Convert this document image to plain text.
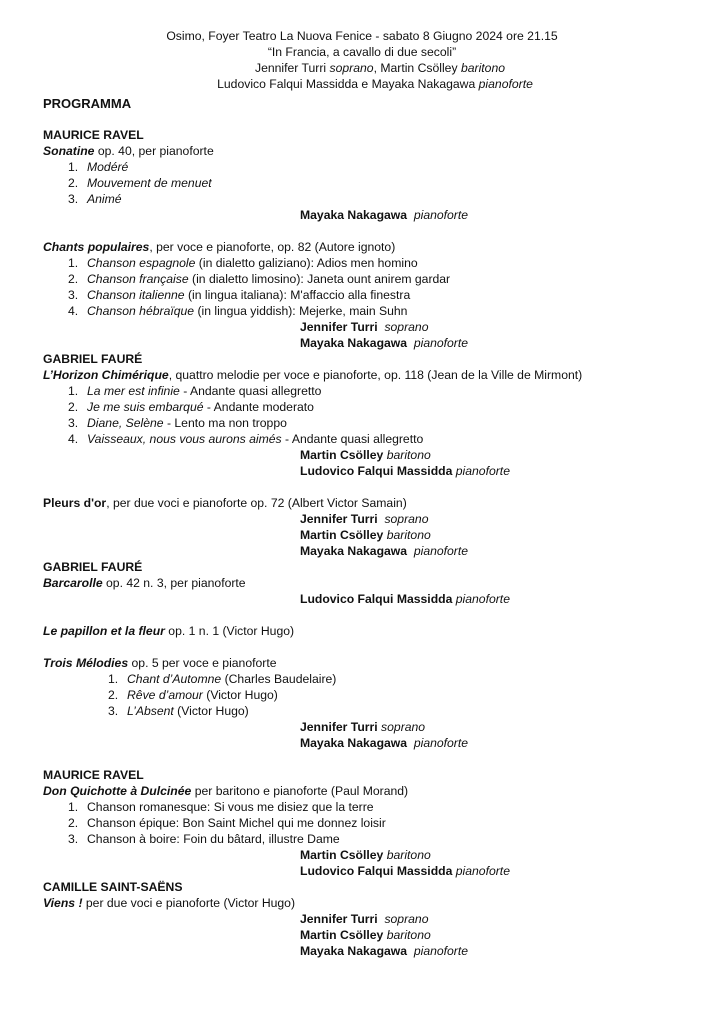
Osimo, Foyer Teatro La Nuova Fenice - sabato 8 Giugno 2024 ore 21.15
“In Francia, a cavallo di due secoli”
Jennifer Turri soprano, Martin Csölley baritono
Ludovico Falqui Massidda e Mayaka Nakagawa pianoforte
PROGRAMMA
MAURICE RAVEL
Sonatine op. 40, per pianoforte
1. Modéré
2. Mouvement de menuet
3. Animé
Mayaka Nakagawa pianoforte
Chants populaires, per voce e pianoforte, op. 82 (Autore ignoto)
1. Chanson espagnole (in dialetto galiziano): Adios men homino
2. Chanson française (in dialetto limosino): Janeta ount anirem gardar
3. Chanson italienne (in lingua italiana): M'affaccio alla finestra
4. Chanson hébraïque (in lingua yiddish): Mejerke, main Suhn
Jennifer Turri soprano
Mayaka Nakagawa pianoforte
GABRIEL FAURÉ
L’Horizon Chimérique, quattro melodie per voce e pianoforte, op. 118 (Jean de la Ville de Mirmont)
1. La mer est infinie - Andante quasi allegretto
2. Je me suis embarqué - Andante moderato
3. Diane, Selène - Lento ma non troppo
4. Vaisseaux, nous vous aurons aimés - Andante quasi allegretto
Martin Csölley baritono
Ludovico Falqui Massidda pianoforte
Pleurs d'or, per due voci e pianoforte op. 72 (Albert Victor Samain)
Jennifer Turri soprano
Martin Csölley baritono
Mayaka Nakagawa pianoforte
GABRIEL FAURÉ
Barcarolle op. 42 n. 3, per pianoforte
Ludovico Falqui Massidda pianoforte
Le papillon et la fleur op. 1 n. 1 (Victor Hugo)
Trois Mélodies op. 5 per voce e pianoforte
1. Chant d’Automne (Charles Baudelaire)
2. Rêve d’amour (Victor Hugo)
3. L’Absent (Victor Hugo)
Jennifer Turri soprano
Mayaka Nakagawa pianoforte
MAURICE RAVEL
Don Quichotte à Dulcinée per baritono e pianoforte (Paul Morand)
1. Chanson romanesque: Si vous me disiez que la terre
2. Chanson épique: Bon Saint Michel qui me donnez loisir
3. Chanson à boire: Foin du bâtard, illustre Dame
Martin Csölley baritono
Ludovico Falqui Massidda pianoforte
CAMILLE SAINT-SAËNS
Viens ! per due voci e pianoforte (Victor Hugo)
Jennifer Turri soprano
Martin Csölley baritono
Mayaka Nakagawa pianoforte
